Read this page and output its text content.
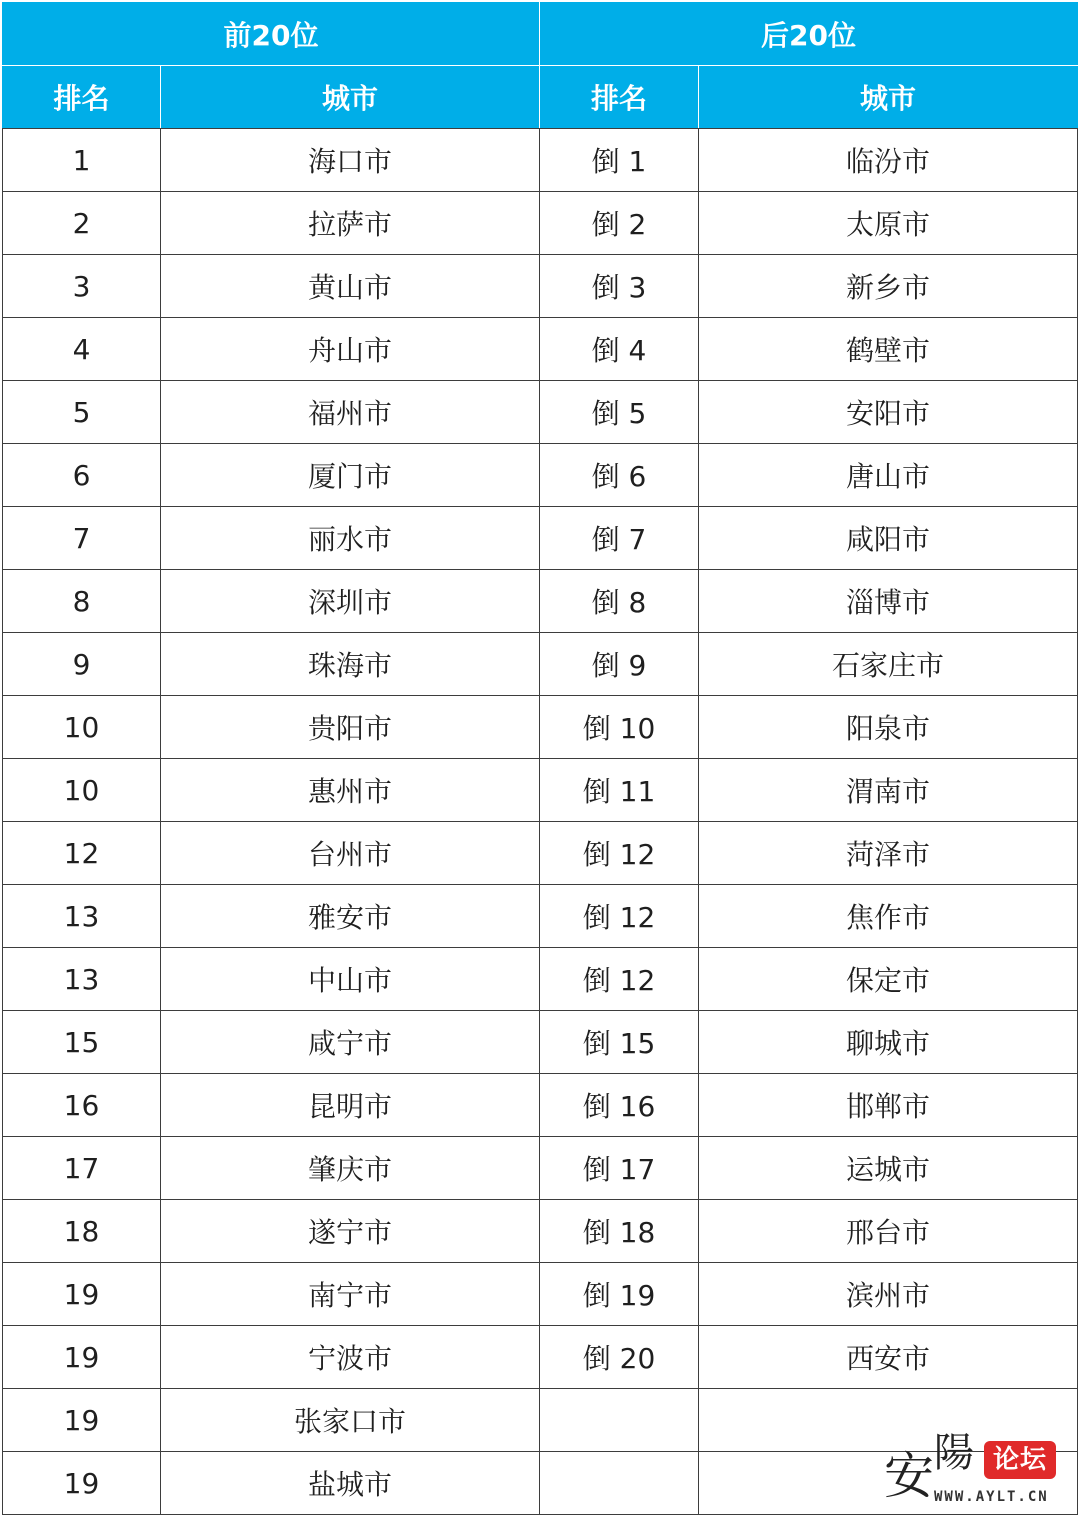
前20位		后20位	
排名	城市	排名	城市
1	海口市	倒 1	临汾市
2	拉萨市	倒 2	太原市
3	黄山市	倒 3	新乡市
4	舟山市	倒 4	鹤壁市
5	福州市	倒 5	安阳市
6	厦门市	倒 6	唐山市
7	丽水市	倒 7	咸阳市
8	深圳市	倒 8	淄博市
9	珠海市	倒 9	石家庄市
10	贵阳市	倒 10	阳泉市
10	惠州市	倒 11	渭南市
12	台州市	倒 12	菏泽市
13	雅安市	倒 12	焦作市
13	中山市	倒 12	保定市
15	咸宁市	倒 15	聊城市
16	昆明市	倒 16	邯郸市
17	肇庆市	倒 17	运城市
18	遂宁市	倒 18	邢台市
19	南宁市	倒 19	滨州市
19	宁波市	倒 20	西安市
19	张家口市		
19	盐城市			安 陽 论坛
WWW.AYLT.CN
